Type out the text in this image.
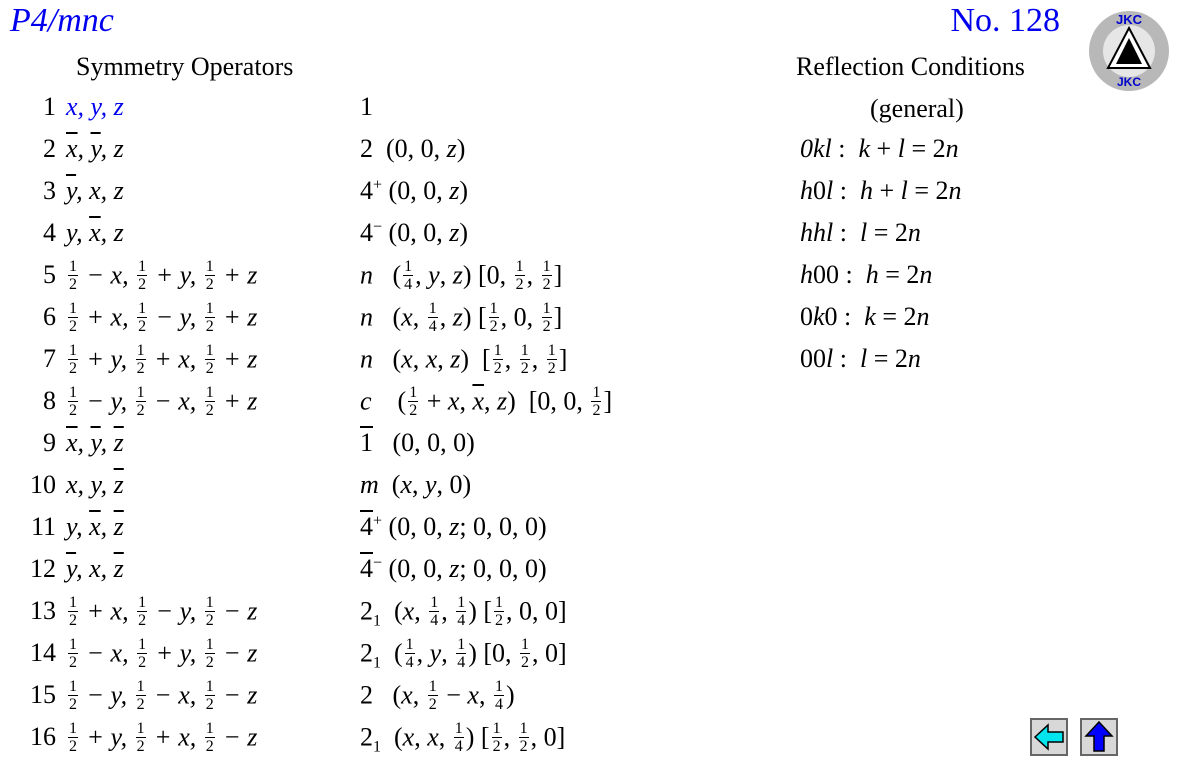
P4/mnc	No. 128	JKC
JKC
Symmetry Operators	Reflection Conditions
(general)
0kl :  k + l = 2n
h0l :  h + l = 2n
hhl :  l = 2n
h00 :  h = 2n
0k0 :  k = 2n
00l :  l = 2n
1 x, y, z	1
2 $\overline{x}$, $\overline{y}$, z	2  (0, 0, z)
3 $\overline{y}$, x, z	4+ (0, 0, z)
4 y, $\overline{x}$, z	4− (0, 0, z)
$5 \frac{1}{2} - x$, $\frac{1}{2} + y$, $\frac{1}{2} + z$	n   ( $\frac{1}{4}$ , y, z) [0, $\frac{1}{2}$ , $\frac{1}{2}$ ]
$6 \frac{1}{2} + x$, $\frac{1}{2} - y$, $\frac{1}{2} + z$	n   (x, $\frac{1}{4}$ , z) [ $\frac{1}{2}$ , 0, $\frac{1}{2}$ ]
$7 \frac{1}{2} + y$, $\frac{1}{2} + x$, $\frac{1}{2} + z$	n   (x, x, z)  [ $\frac{1}{2}$ , $\frac{1}{2}$ , $\frac{1}{2}$ ]
$8 \frac{1}{2} - y$, $\frac{1}{2} - x$, $\frac{1}{2} + z$	c    ( $\frac{1}{2} + x$, $\overline{x}$, z)  [0, 0, $\frac{1}{2}$ ]
9 $\overline{x}$, $\overline{y}$, $\overline{z}$	1   (0, 0, 0)
10 x, y, $\overline{z}$	m  (x, y, 0)
11 y, $\overline{x}$, $\overline{z}$	4+ (0, 0, z; 0, 0, 0)
12 $\overline{y}$, x, $\overline{z}$	4− (0, 0, z; 0, 0, 0)
$13 \frac{1}{2} + x$, $\frac{1}{2} - y$, $\frac{1}{2} - z$	$2_1$  (x, $\frac{1}{4}$ , $\frac{1}{4}$ ) [ $\frac{1}{2}$ , 0, 0]
$14 \frac{1}{2} - x$, $\frac{1}{2} + y$, $\frac{1}{2} - z$	$2_1$  ( $\frac{1}{4}$ , y, $\frac{1}{4}$ ) [0, $\frac{1}{2}$ , 0]
$15 \frac{1}{2} - y$, $\frac{1}{2} - x$, $\frac{1}{2} - z$	2   (x, $\frac{1}{2} - x$, $\frac{1}{4}$ )
$16 \frac{1}{2} + y$, $\frac{1}{2} + x$, $\frac{1}{2} - z$	$2_1$  (x, x, $\frac{1}{4}$ ) [ $\frac{1}{2}$ , $\frac{1}{2}$ , 0]
